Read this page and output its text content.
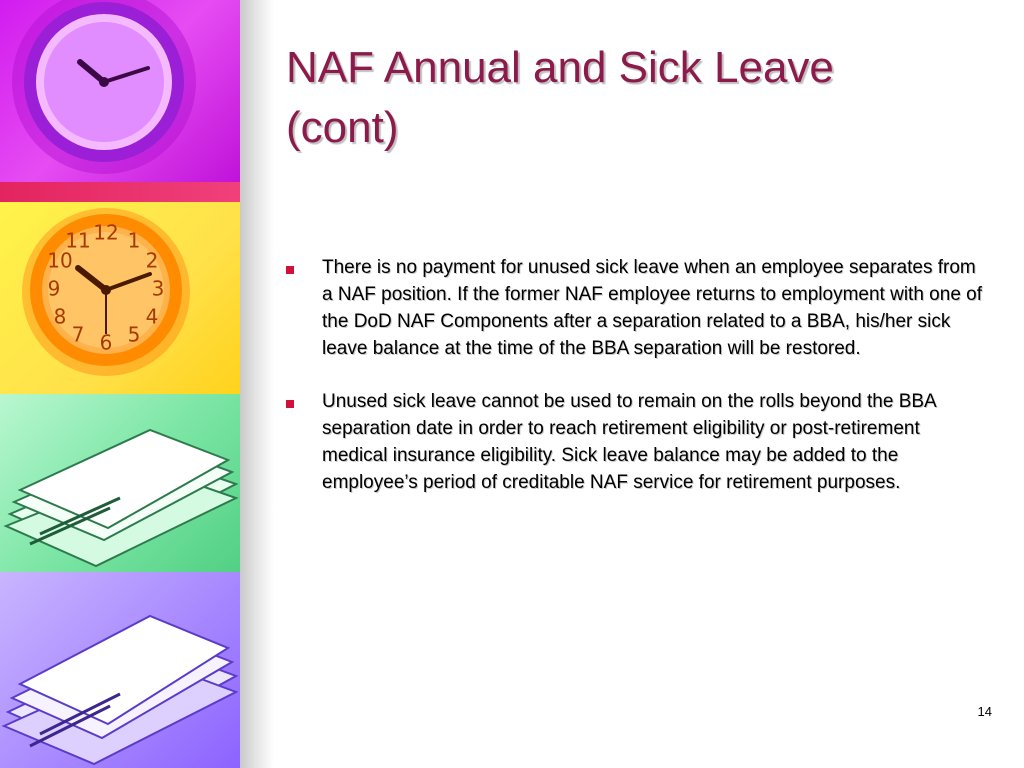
12 1
2
3
4
5
6
7
8
9
10
11
NAF Annual and Sick Leave
(cont)
There is no payment for unused sick leave when an employee separates from a NAF position. If the former NAF employee returns to employment with one of the DoD NAF Components after a separation related to a BBA, his/her sick leave balance at the time of the BBA separation will be restored.
Unused sick leave cannot be used to remain on the rolls beyond the BBA separation date in order to reach retirement eligibility or post-retirement medical insurance eligibility. Sick leave balance may be added to the employee’s period of creditable NAF service for retirement purposes.
14
